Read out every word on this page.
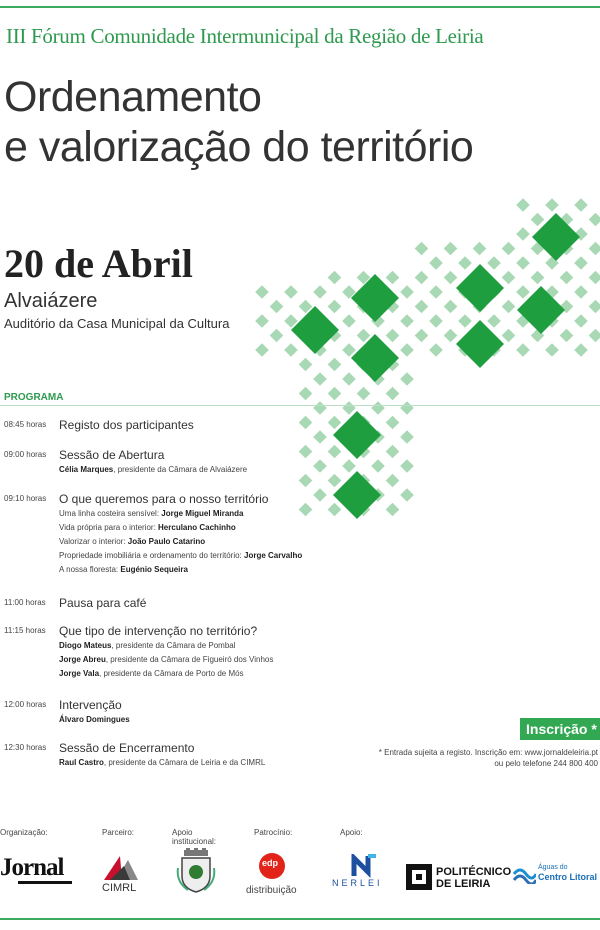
III Fórum Comunidade Intermunicipal da Região de Leiria
Ordenamento
e valorização do território
20 de Abril
Alvaiázere
Auditório da Casa Municipal da Cultura
PROGRAMA
08:45 horas Registo dos participantes
09:00 horas Sessão de Abertura
Célia Marques, presidente da Câmara de Alvaiázere
09:10 horas O que queremos para o nosso território
Uma linha costeira sensível: Jorge Miguel Miranda
Vida própria para o interior: Herculano Cachinho
Valorizar o interior: João Paulo Catarino
Propriedade imobiliária e ordenamento do território: Jorge Carvalho
A nossa floresta: Eugénio Sequeira
11:00 horas Pausa para café
11:15 horas Que tipo de intervenção no território?
Diogo Mateus, presidente da Câmara de Pombal
Jorge Abreu, presidente da Câmara de Figueiró dos Vinhos
Jorge Vala, presidente da Câmara de Porto de Mós
12:00 horas Intervenção
Álvaro Domingues
12:30 horas Sessão de Encerramento
Raul Castro, presidente da Câmara de Leiria e da CIMRL
Inscrição *
* Entrada sujeita a registo. Inscrição em: www.jornaldeleiria.pt
ou pelo telefone 244 800 400
Organização:	Parceiro:	Apoio institucional:
Patrocínio:	Apoio:
Jornal
CIMRL
edp
distribuição
NERLEI
POLITÉCNICO
DE LEIRIA
Águas do
Centro Litoral
